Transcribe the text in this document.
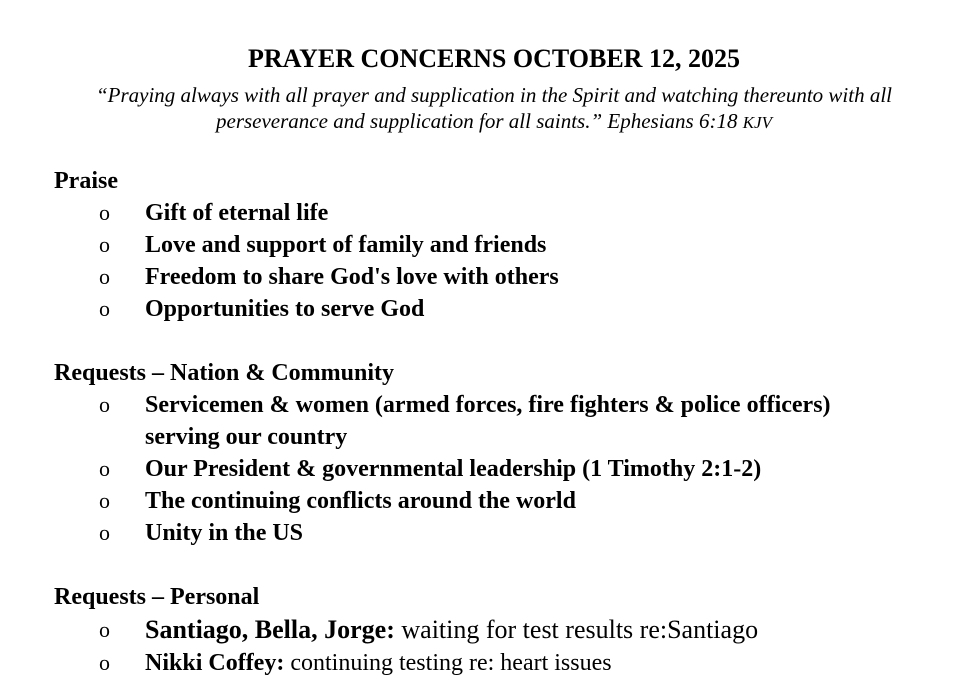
PRAYER CONCERNS OCTOBER 12, 2025
“Praying always with all prayer and supplication in the Spirit and watching thereunto with all perseverance and supplication for all saints.” Ephesians 6:18 KJV
Praise
o Gift of eternal life
o Love and support of family and friends
o Freedom to share God's love with others
o Opportunities to serve God
Requests – Nation & Community
o Servicemen & women (armed forces, fire fighters & police officers) serving our country
o Our President & governmental leadership (1 Timothy 2:1-2)
o The continuing conflicts around the world
o Unity in the US
Requests – Personal
o Santiago, Bella, Jorge: waiting for test results re:Santiago
o Nikki Coffey: continuing testing re: heart issues
